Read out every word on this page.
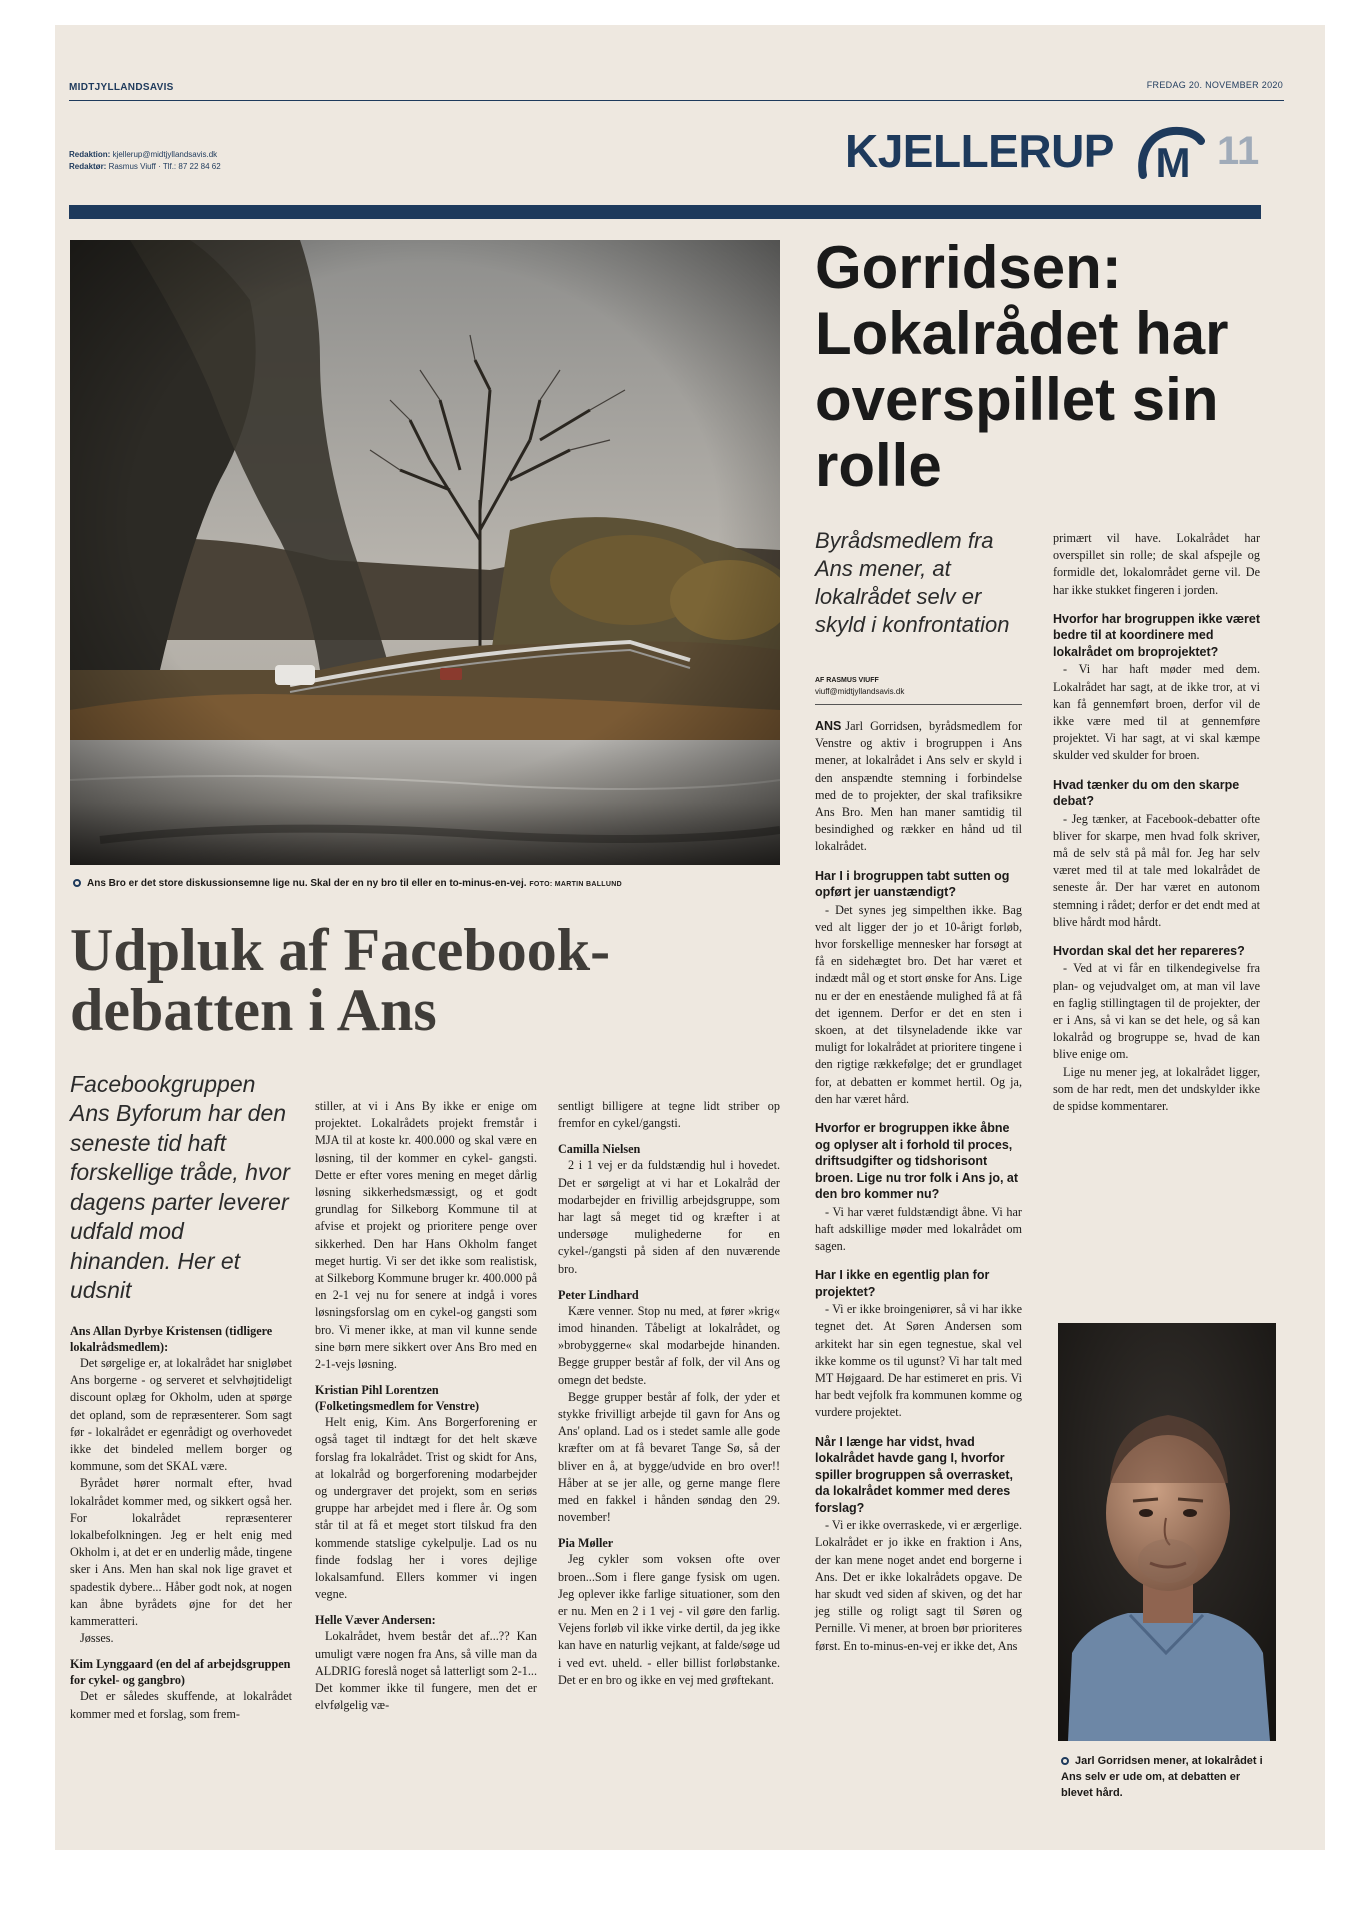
MIDTJYLLANDSAVIS	FREDAG 20. NOVEMBER 2020
Redaktion: kjellerup@midtjyllandsavis.dk
Redaktør: Rasmus Viuff · Tlf.: 87 22 84 62	KJELLERUP M 11
Ans Bro er det store diskussionsemne lige nu. Skal der en ny bro til eller en to-minus-en-vej. FOTO: MARTIN BALLUND
Gorridsen: Lokalrådet har overspillet sin rolle
Byrådsmedlem fra Ans mener, at lokalrådet selv er skyld i konfrontation
AF RASMUS VIUFF
viuff@midtjyllandsavis.dk

ANS Jarl Gorridsen, byrådsmedlem for Venstre og aktiv i brogruppen i Ans mener, at lokalrådet i Ans selv er skyld i den anspændte stemning i forbindelse med de to projekter, der skal trafiksikre Ans Bro. Men han maner samtidig til besindighed og rækker en hånd ud til lokalrådet.

Har I i brogruppen tabt sutten og opført jer uanstændigt?

- Det synes jeg simpelthen ikke. Bag ved alt ligger der jo et 10-årigt forløb, hvor forskellige mennesker har forsøgt at få en sidehægtet bro. Det har været et indædt mål og et stort ønske for Ans. Lige nu er der en enestående mulighed få at få det igennem. Derfor er det en sten i skoen, at det tilsyneladende ikke var muligt for lokalrådet at prioritere tingene i den rigtige rækkefølge; det er grundlaget for, at debatten er kommet hertil. Og ja, den har været hård.

Hvorfor er brogruppen ikke åbne og oplyser alt i forhold til proces, driftsudgifter og tidshorisont broen. Lige nu tror folk i Ans jo, at den bro kommer nu?

- Vi har været fuldstændigt åbne. Vi har haft adskillige møder med lokalrådet om sagen.

Har I ikke en egentlig plan for projektet?

- Vi er ikke broingeniører, så vi har ikke tegnet det. At Søren Andersen som arkitekt har sin egen tegnestue, skal vel ikke komme os til ugunst? Vi har talt med MT Højgaard. De har estimeret en pris. Vi har bedt vejfolk fra kommunen komme og vurdere projektet.

Når I længe har vidst, hvad lokalrådet havde gang I, hvorfor spiller brogruppen så overrasket, da lokalrådet kommer med deres forslag?

- Vi er ikke overraskede, vi er ærgerlige. Lokalrådet er jo ikke en fraktion i Ans, der kan mene noget andet end borgerne i Ans. Det er ikke lokalrådets opgave. De har skudt ved siden af skiven, og det har jeg stille og roligt sagt til Søren og Pernille. Vi mener, at broen bør prioriteres først. En to-minus-en-vej er ikke det, Ans

primært vil have. Lokalrådet har overspillet sin rolle; de skal afspejle og formidle det, lokalområdet gerne vil. De har ikke stukket fingeren i jorden.

Hvorfor har brogruppen ikke været bedre til at koordinere med lokalrådet om broprojektet?

- Vi har haft møder med dem. Lokalrådet har sagt, at de ikke tror, at vi kan få gennemført broen, derfor vil de ikke være med til at gennemføre projektet. Vi har sagt, at vi skal kæmpe skulder ved skulder for broen.

Hvad tænker du om den skarpe debat?

- Jeg tænker, at Facebook-debatter ofte bliver for skarpe, men hvad folk skriver, må de selv stå på mål for. Jeg har selv været med til at tale med lokalrådet de seneste år. Der har været en autonom stemning i rådet; derfor er det endt med at blive hårdt mod hårdt.

Hvordan skal det her repareres?

- Ved at vi får en tilkendegivelse fra plan- og vejudvalget om, at man vil lave en faglig stillingtagen til de projekter, der er i Ans, så vi kan se det hele, og så kan lokalråd og brogruppe se, hvad de kan blive enige om.

Lige nu mener jeg, at lokalrådet ligger, som de har redt, men det undskylder ikke de spidse kommentarer.

Jarl Gorridsen mener, at lokalrådet i Ans selv er ude om, at debatten er blevet hård.
Udpluk af Facebook-debatten i Ans
Facebookgruppen Ans Byforum har den seneste tid haft forskellige tråde, hvor dagens parter leverer udfald mod hinanden. Her et udsnit
Ans Allan Dyrbye Kristensen (tidligere lokalrådsmedlem):

Det sørgelige er, at lokalrådet har snigløbet Ans borgerne - og serveret et selvhøjtideligt discount oplæg for Okholm, uden at spørge det opland, som de repræsenterer. Som sagt før - lokalrådet er egenrådigt og overhovedet ikke det bindeled mellem borger og kommune, som det SKAL være.

Byrådet hører normalt efter, hvad lokalrådet kommer med, og sikkert også her. For lokalrådet repræsenterer lokalbefolkningen. Jeg er helt enig med Okholm i, at det er en underlig måde, tingene sker i Ans. Men han skal nok lige gravet et spadestik dybere... Håber godt nok, at nogen kan åbne byrådets øjne for det her kammeratteri.

Jøsses.

Kim Lynggaard (en del af arbejdsgruppen for cykel- og gangbro)

Det er således skuffende, at lokalrådet kommer med et forslag, som frem-

stiller, at vi i Ans By ikke er enige om projektet. Lokalrådets projekt fremstår i MJA til at koste kr. 400.000 og skal være en løsning, til der kommer en cykel- gangsti. Dette er efter vores mening en meget dårlig løsning sikkerhedsmæssigt, og et godt grundlag for Silkeborg Kommune til at afvise et projekt og prioritere penge over sikkerhed. Den har Hans Okholm fanget meget hurtig. Vi ser det ikke som realistisk, at Silkeborg Kommune bruger kr. 400.000 på en 2-1 vej nu for senere at indgå i vores løsningsforslag om en cykel-og gangsti som bro. Vi mener ikke, at man vil kunne sende sine børn mere sikkert over Ans Bro med en 2-1-vejs løsning.

Kristian Pihl Lorentzen (Folketingsmedlem for Venstre)

Helt enig, Kim. Ans Borgerforening er også taget til indtægt for det helt skæve forslag fra lokalrådet. Trist og skidt for Ans, at lokalråd og borgerforening modarbejder og undergraver det projekt, som en seriøs gruppe har arbejdet med i flere år. Og som står til at få et meget stort tilskud fra den kommende statslige cykelpulje. Lad os nu finde fodslag her i vores dejlige lokalsamfund. Ellers kommer vi ingen vegne.

Helle Væver Andersen:

Lokalrådet, hvem består det af...?? Kan umuligt være nogen fra Ans, så ville man da ALDRIG foreslå noget så latterligt som 2-1... Det kommer ikke til fungere, men det er elvfølgelig væ-

sentligt billigere at tegne lidt striber op fremfor en cykel/gangsti.

Camilla Nielsen

2 i 1 vej er da fuldstændig hul i hovedet. Det er sørgeligt at vi har et Lokalråd der modarbejder en frivillig arbejdsgruppe, som har lagt så meget tid og kræfter i at undersøge mulighederne for en cykel-/gangsti på siden af den nuværende bro.

Peter Lindhard

Kære venner. Stop nu med, at fører »krig« imod hinanden. Tåbeligt at lokalrådet, og »brobyggerne« skal modarbejde hinanden. Begge grupper består af folk, der vil Ans og omegn det bedste.

Begge grupper består af folk, der yder et stykke frivilligt arbejde til gavn for Ans og Ans' opland. Lad os i stedet samle alle gode kræfter om at få bevaret Tange Sø, så der bliver en å, at bygge/udvide en bro over!! Håber at se jer alle, og gerne mange flere med en fakkel i hånden søndag den 29. november!

Pia Møller

Jeg cykler som voksen ofte over broen...Som i flere gange fysisk om ugen. Jeg oplever ikke farlige situationer, som den er nu. Men en 2 i 1 vej - vil gøre den farlig. Vejens forløb vil ikke virke dertil, da jeg ikke kan have en naturlig vejkant, at falde/søge ud i ved evt. uheld. - eller billist forløbstanke. Det er en bro og ikke en vej med grøftekant.
